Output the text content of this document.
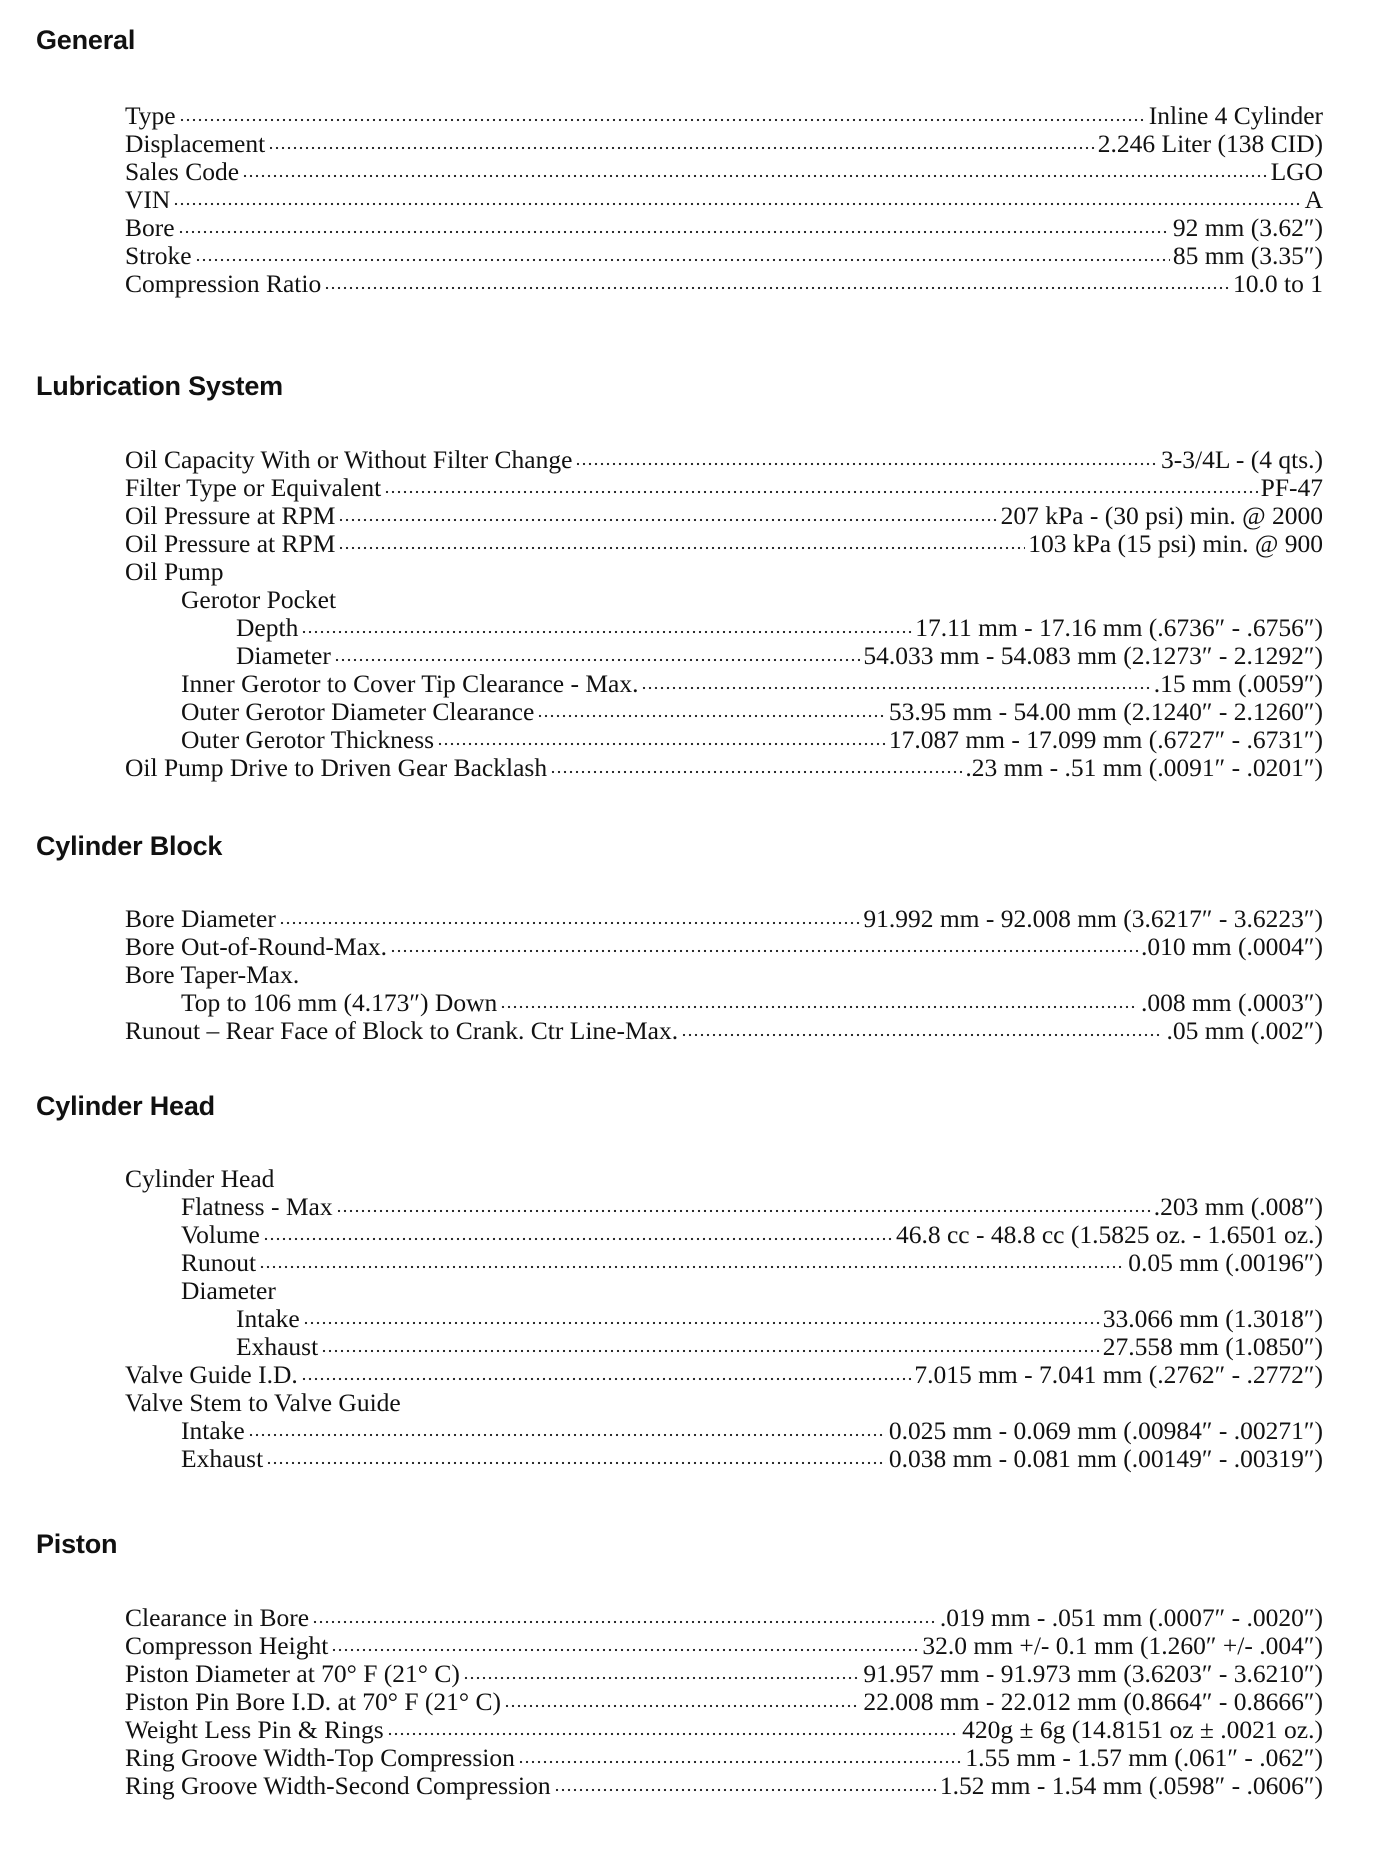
General
Type	Inline 4 Cylinder
Displacement	2.246 Liter (138 CID)
Sales Code	LGO
VIN	A
Bore	92 mm (3.62″)
Stroke	85 mm (3.35″)
Compression Ratio	10.0 to 1
Lubrication System
Oil Capacity With or Without Filter Change	3-3/4L - (4 qts.)
Filter Type or Equivalent	PF-47
Oil Pressure at RPM	207 kPa - (30 psi) min. @ 2000
Oil Pressure at RPM	103 kPa (15 psi) min. @ 900
Oil Pump
Gerotor Pocket
Depth	17.11 mm - 17.16 mm (.6736″ - .6756″)
Diameter	54.033 mm - 54.083 mm (2.1273″ - 2.1292″)
Inner Gerotor to Cover Tip Clearance - Max.	.15 mm (.0059″)
Outer Gerotor Diameter Clearance	53.95 mm - 54.00 mm (2.1240″ - 2.1260″)
Outer Gerotor Thickness	17.087 mm - 17.099 mm (.6727″ - .6731″)
Oil Pump Drive to Driven Gear Backlash	.23 mm - .51 mm (.0091″ - .0201″)
Cylinder Block
Bore Diameter	91.992 mm - 92.008 mm (3.6217″ - 3.6223″)
Bore Out-of-Round-Max.	.010 mm (.0004″)
Bore Taper-Max.
Top to 106 mm (4.173″) Down	.008 mm (.0003″)
Runout – Rear Face of Block to Crank. Ctr Line-Max.	.05 mm (.002″)
Cylinder Head
Cylinder Head
Flatness - Max	.203 mm (.008″)
Volume	46.8 cc - 48.8 cc (1.5825 oz. - 1.6501 oz.)
Runout	0.05 mm (.00196″)
Diameter
Intake	33.066 mm (1.3018″)
Exhaust	27.558 mm (1.0850″)
Valve Guide I.D.	7.015 mm - 7.041 mm (.2762″ - .2772″)
Valve Stem to Valve Guide
Intake	0.025 mm - 0.069 mm (.00984″ - .00271″)
Exhaust	0.038 mm - 0.081 mm (.00149″ - .00319″)
Piston
Clearance in Bore	.019 mm - .051 mm (.0007″ - .0020″)
Compresson Height	32.0 mm +/- 0.1 mm (1.260″ +/- .004″)
Piston Diameter at 70° F (21° C)	91.957 mm - 91.973 mm (3.6203″ - 3.6210″)
Piston Pin Bore I.D. at 70° F (21° C)	22.008 mm - 22.012 mm (0.8664″ - 0.8666″)
Weight Less Pin & Rings	420g ± 6g (14.8151 oz ± .0021 oz.)
Ring Groove Width-Top Compression	1.55 mm - 1.57 mm (.061″ - .062″)
Ring Groove Width-Second Compression	1.52 mm - 1.54 mm (.0598″ - .0606″)
